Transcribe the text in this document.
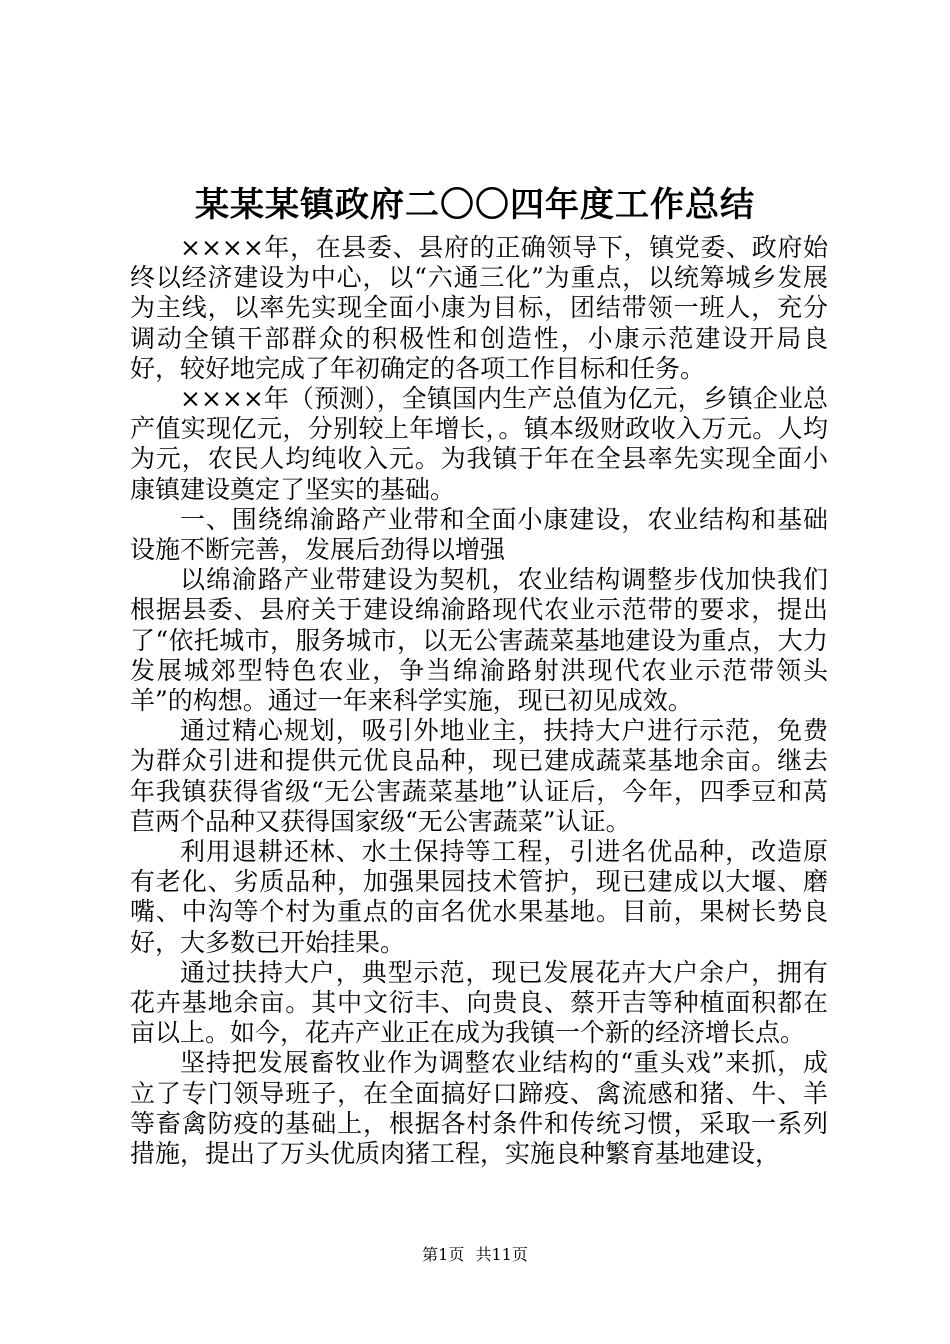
某某某镇政府二〇〇四年度工作总结

××××年，在县委、县府的正确领导下，镇党委、政府始终以经济建设为中心，以“六通三化”为重点，以统筹城乡发展为主线，以率先实现全面小康为目标，团结带领一班人，充分调动全镇干部群众的积极性和创造性，小康示范建设开局良好，较好地完成了年初确定的各项工作目标和任务。

××××年（预测），全镇国内生产总值为亿元，乡镇企业总产值实现亿元，分别较上年增长，。镇本级财政收入万元。人均为元，农民人均纯收入元。为我镇于年在全县率先实现全面小康镇建设奠定了坚实的基础。

一、围绕绵渝路产业带和全面小康建设，农业结构和基础设施不断完善，发展后劲得以增强

以绵渝路产业带建设为契机，农业结构调整步伐加快我们根据县委、县府关于建设绵渝路现代农业示范带的要求，提出了“依托城市，服务城市，以无公害蔬菜基地建设为重点，大力发展城郊型特色农业，争当绵渝路射洪现代农业示范带领头羊”的构想。通过一年来科学实施，现已初见成效。

通过精心规划，吸引外地业主，扶持大户进行示范，免费为群众引进和提供元优良品种，现已建成蔬菜基地余亩。继去年我镇获得省级“无公害蔬菜基地”认证后，今年，四季豆和莴苣两个品种又获得国家级“无公害蔬菜”认证。

利用退耕还林、水土保持等工程，引进名优品种，改造原有老化、劣质品种，加强果园技术管护，现已建成以大堰、磨嘴、中沟等个村为重点的亩名优水果基地。目前，果树长势良好，大多数已开始挂果。

通过扶持大户，典型示范，现已发展花卉大户余户，拥有花卉基地余亩。其中文衍丰、向贵良、蔡开吉等种植面积都在亩以上。如今，花卉产业正在成为我镇一个新的经济增长点。

坚持把发展畜牧业作为调整农业结构的“重头戏”来抓，成立了专门领导班子，在全面搞好口蹄疫、禽流感和猪、牛、羊等畜禽防疫的基础上，根据各村条件和传统习惯，采取一系列措施，提出了万头优质肉猪工程，实施良种繁育基地建设，

第1页 共11页
